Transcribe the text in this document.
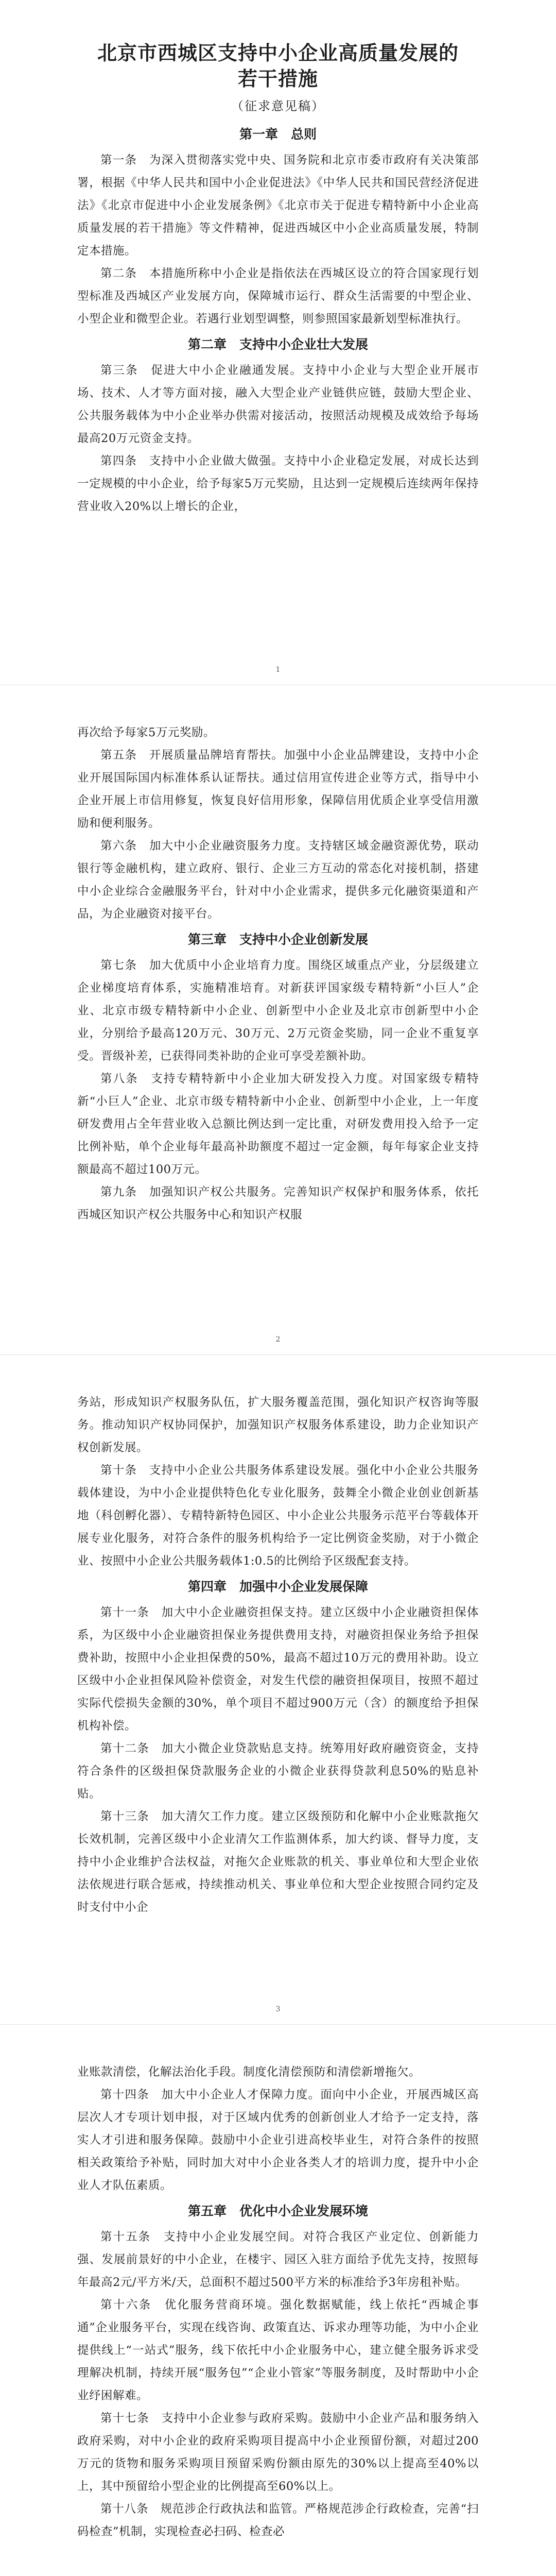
北京市西城区支持中小企业高质量发展的
若干措施
（征求意见稿）
第一章　总则

第一条　为深入贯彻落实党中央、国务院和北京市委市政府有关决策部署，根据《中华人民共和国中小企业促进法》《中华人民共和国民营经济促进法》《北京市促进中小企业发展条例》《北京市关于促进专精特新中小企业高质量发展的若干措施》等文件精神，促进西城区中小企业高质量发展，特制定本措施。

第二条　本措施所称中小企业是指依法在西城区设立的符合国家现行划型标准及西城区产业发展方向，保障城市运行、群众生活需要的中型企业、小型企业和微型企业。若遇行业划型调整，则参照国家最新划型标准执行。

第二章　支持中小企业壮大发展

第三条　促进大中小企业融通发展。支持中小企业与大型企业开展市场、技术、人才等方面对接，融入大型企业产业链供应链，鼓励大型企业、公共服务载体为中小企业举办供需对接活动，按照活动规模及成效给予每场最高20万元资金支持。

第四条　支持中小企业做大做强。支持中小企业稳定发展，对成长达到一定规模的中小企业，给予每家5万元奖励，且达到一定规模后连续两年保持营业收入20%以上增长的企业，

1

再次给予每家5万元奖励。

第五条　开展质量品牌培育帮扶。加强中小企业品牌建设，支持中小企业开展国际国内标准体系认证帮扶。通过信用宣传进企业等方式，指导中小企业开展上市信用修复，恢复良好信用形象，保障信用优质企业享受信用激励和便利服务。

第六条　加大中小企业融资服务力度。支持辖区域金融资源优势，联动银行等金融机构，建立政府、银行、企业三方互动的常态化对接机制，搭建中小企业综合金融服务平台，针对中小企业需求，提供多元化融资渠道和产品，为企业融资对接平台。

第三章　支持中小企业创新发展

第七条　加大优质中小企业培育力度。围绕区域重点产业，分层级建立企业梯度培育体系，实施精准培育。对新获评国家级专精特新“小巨人”企业、北京市级专精特新中小企业、创新型中小企业及北京市创新型中小企业，分别给予最高120万元、30万元、2万元资金奖励，同一企业不重复享受。晋级补差，已获得同类补助的企业可享受差额补助。

第八条　支持专精特新中小企业加大研发投入力度。对国家级专精特新“小巨人”企业、北京市级专精特新中小企业、创新型中小企业，上一年度研发费用占全年营业收入总额比例达到一定比重，对研发费用投入给予一定比例补贴，单个企业每年最高补助额度不超过一定金额，每年每家企业支持额最高不超过100万元。

第九条　加强知识产权公共服务。完善知识产权保护和服务体系，依托西城区知识产权公共服务中心和知识产权服

2

务站，形成知识产权服务队伍，扩大服务覆盖范围，强化知识产权咨询等服务。推动知识产权协同保护，加强知识产权服务体系建设，助力企业知识产权创新发展。

第十条　支持中小企业公共服务体系建设发展。强化中小企业公共服务载体建设，为中小企业提供特色化专业化服务，鼓舞全小微企业创业创新基地（科创孵化器）、专精特新特色园区、中小企业公共服务示范平台等载体开展专业化服务，对符合条件的服务机构给予一定比例资金奖励，对于小微企业、按照中小企业公共服务载体1:0.5的比例给予区级配套支持。

第四章　加强中小企业发展保障

第十一条　加大中小企业融资担保支持。建立区级中小企业融资担保体系，为区级中小企业融资担保业务提供费用支持，对融资担保业务给予担保费补助，按照中小企业担保费的50%，最高不超过10万元的费用补助。设立区级中小企业担保风险补偿资金，对发生代偿的融资担保项目，按照不超过实际代偿损失金额的30%，单个项目不超过900万元（含）的额度给予担保机构补偿。

第十二条　加大小微企业贷款贴息支持。统筹用好政府融资资金，支持符合条件的区级担保贷款服务企业的小微企业获得贷款利息50%的贴息补贴。

第十三条　加大清欠工作力度。建立区级预防和化解中小企业账款拖欠长效机制，完善区级中小企业清欠工作监测体系，加大约谈、督导力度，支持中小企业维护合法权益，对拖欠企业账款的机关、事业单位和大型企业依法依规进行联合惩戒，持续推动机关、事业单位和大型企业按照合同约定及时支付中小企

3

业账款清偿，化解法治化手段。制度化清偿预防和清偿新增拖欠。

第十四条　加大中小企业人才保障力度。面向中小企业，开展西城区高层次人才专项计划申报，对于区域内优秀的创新创业人才给予一定支持，落实人才引进和服务保障。鼓励中小企业引进高校毕业生，对符合条件的按照相关政策给予补贴，同时加大对中小企业各类人才的培训力度，提升中小企业人才队伍素质。

第五章　优化中小企业发展环境

第十五条　支持中小企业发展空间。对符合我区产业定位、创新能力强、发展前景好的中小企业，在楼宇、园区入驻方面给予优先支持，按照每年最高2元/平方米/天，总面积不超过500平方米的标准给予3年房租补贴。

第十六条　优化服务营商环境。强化数据赋能，线上依托“西城企事通”企业服务平台，实现在线咨询、政策直达、诉求办理等功能，为中小企业提供线上“一站式”服务，线下依托中小企业服务中心，建立健全服务诉求受理解决机制，持续开展“服务包”“企业小管家”等服务制度，及时帮助中小企业纾困解难。

第十七条　支持中小企业参与政府采购。鼓励中小企业产品和服务纳入政府采购，对中小企业的政府采购项目提高中小企业预留份额，对超过200万元的货物和服务采购项目预留采购份额由原先的30%以上提高至40%以上，其中预留给小型企业的比例提高至60%以上。

第十八条　规范涉企行政执法和监管。严格规范涉企行政检查，完善“扫码检查”机制，实现检查必扫码、检查必
